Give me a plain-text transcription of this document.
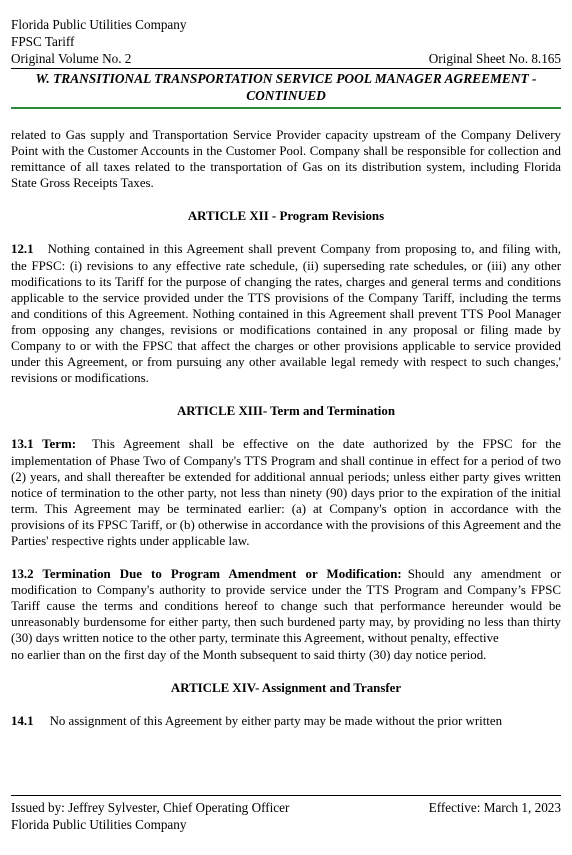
Florida Public Utilities Company
FPSC Tariff
Original Volume No. 2	Original Sheet No. 8.165
W. TRANSITIONAL TRANSPORTATION SERVICE POOL MANAGER AGREEMENT -
CONTINUED

related to Gas supply and Transportation Service Provider capacity upstream of the Company Delivery Point with the Customer Accounts in the Customer Pool. Company shall be responsible for collection and remittance of all taxes related to the transportation of Gas on its distribution system, including Florida State Gross Receipts Taxes.

ARTICLE XII - Program Revisions

12.1 Nothing contained in this Agreement shall prevent Company from proposing to, and filing with, the FPSC: (i) revisions to any effective rate schedule, (ii) superseding rate schedules, or (iii) any other modifications to its Tariff for the purpose of changing the rates, charges and general terms and conditions applicable to the service provided under the TTS provisions of the Company Tariff, including the terms and conditions of this Agreement. Nothing contained in this Agreement shall prevent TTS Pool Manager from opposing any changes, revisions or modifications contained in any proposal or filing made by Company to or with the FPSC that affect the charges or other provisions applicable to service provided under this Agreement, or from pursuing any other available legal remedy with respect to such changes,' revisions or modifications.

ARTICLE XIII- Term and Termination

13.1 Term: This Agreement shall be effective on the date authorized by the FPSC for the implementation of Phase Two of Company's TTS Program and shall continue in effect for a period of two (2) years, and shall thereafter be extended for additional annual periods; unless either party gives written notice of termination to the other party, not less than ninety (90) days prior to the expiration of the initial term. This Agreement may be terminated earlier: (a) at Company's option in accordance with the provisions of its FPSC Tariff, or (b) otherwise in accordance with the provisions of this Agreement and the Parties' respective rights under applicable law.

13.2 Termination Due to Program Amendment or Modification: Should any amendment or modification to Company's authority to provide service under the TTS Program and Company’s FPSC Tariff cause the terms and conditions hereof to change such that performance hereunder would be unreasonably burdensome for either party, then such burdened party may, by providing no less than thirty (30) days written notice to the other party, terminate this Agreement, without penalty, effective

no earlier than on the first day of the Month subsequent to said thirty (30) day notice period.

ARTICLE XIV- Assignment and Transfer

14.1 No assignment of this Agreement by either party may be made without the prior written

Issued by: Jeffrey Sylvester, Chief Operating Officer	Effective: March 1, 2023
Florida Public Utilities Company
